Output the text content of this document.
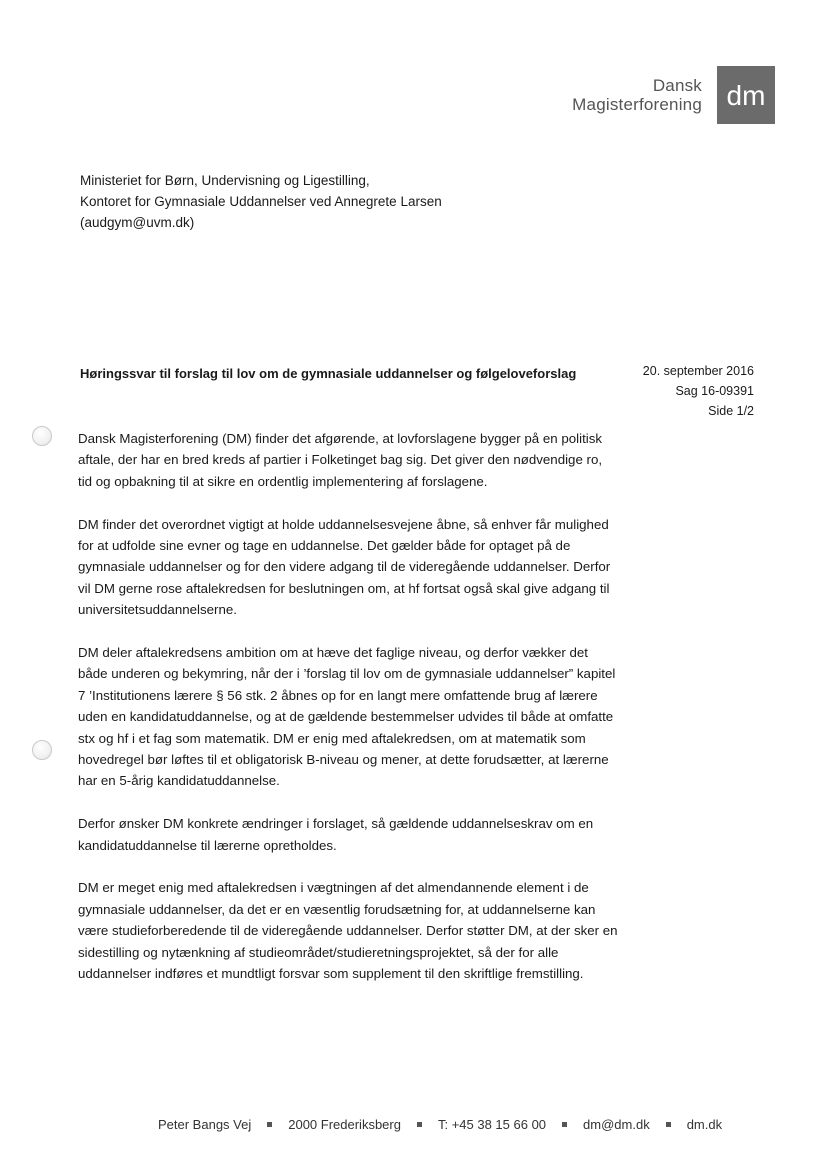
Dansk
Magisterforening dm
Ministeriet for Børn, Undervisning og Ligestilling,
Kontoret for Gymnasiale Uddannelser ved Annegrete Larsen
(audgym@uvm.dk)
Høringssvar til forslag til lov om de gymnasiale uddannelser og følgeloveforslag	20. september 2016
Sag 16-09391
Side 1/2

Dansk Magisterforening (DM) finder det afgørende, at lovforslagene bygger på en politisk aftale, der har en bred kreds af partier i Folketinget bag sig. Det giver den nødvendige ro, tid og opbakning til at sikre en ordentlig implementering af forslagene.

DM finder det overordnet vigtigt at holde uddannelsesvejene åbne, så enhver får mulighed for at udfolde sine evner og tage en uddannelse. Det gælder både for optaget på de gymnasiale uddannelser og for den videre adgang til de videregående uddannelser. Derfor vil DM gerne rose aftalekredsen for beslutningen om, at hf fortsat også skal give adgang til universitetsuddannelserne.

DM deler aftalekredsens ambition om at hæve det faglige niveau, og derfor vækker det både underen og bekymring, når der i ’forslag til lov om de gymnasiale uddannelser” kapitel 7 ’Institutionens lærere § 56 stk. 2 åbnes op for en langt mere omfattende brug af lærere uden en kandidatuddannelse, og at de gældende bestemmelser udvides til både at omfatte stx og hf i et fag som matematik. DM er enig med aftalekredsen, om at matematik som hovedregel bør løftes til et obligatorisk B-niveau og mener, at dette forudsætter, at lærerne har en 5-årig kandidatuddannelse.

Derfor ønsker DM konkrete ændringer i forslaget, så gældende uddannelseskrav om en kandidatuddannelse til lærerne opretholdes.

DM er meget enig med aftalekredsen i vægtningen af det almendannende element i de gymnasiale uddannelser, da det er en væsentlig forudsætning for, at uddannelserne kan være studieforberedende til de videregående uddannelser. Derfor støtter DM, at der sker en sidestilling og nytænkning af studieområdet/studieretningsprojektet, så der for alle uddannelser indføres et mundtligt forsvar som supplement til den skriftlige fremstilling.

Peter Bangs Vej	2000 Frederiksberg	T: +45 38 15 66 00	dm@dm.dk	dm.dk
